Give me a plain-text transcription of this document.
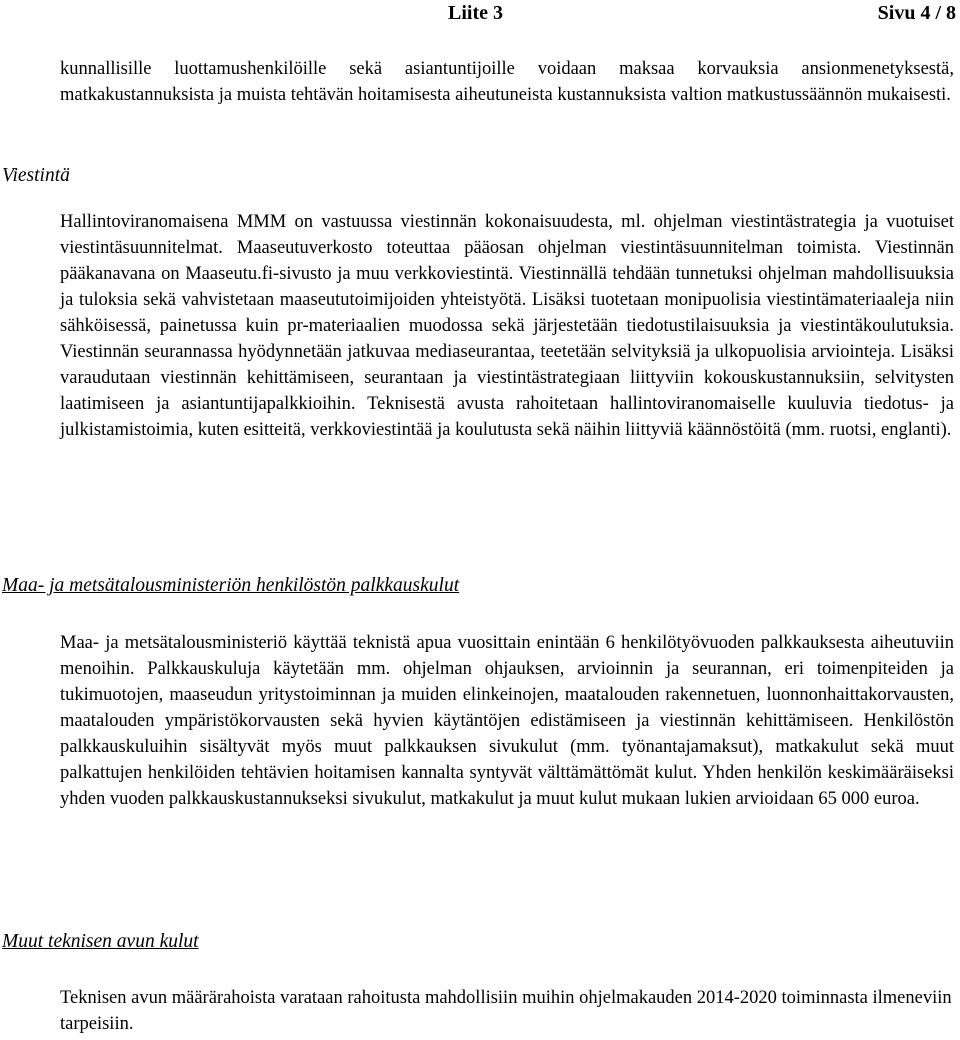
Liite 3	Sivu 4 / 8

kunnallisille luottamushenkilöille sekä asiantuntijoille voidaan maksaa korvauksia ansionmenetyksestä, matkakustannuksista ja muista tehtävän hoitamisesta aiheutuneista kustannuksista valtion matkustussäännön mukaisesti.

Viestintä

Hallintoviranomaisena MMM on vastuussa viestinnän kokonaisuudesta, ml. ohjelman viestintästrategia ja vuotuiset viestintäsuunnitelmat. Maaseutuverkosto toteuttaa pääosan ohjelman viestintäsuunnitelman toimista. Viestinnän pääkanavana on Maaseutu.fi-sivusto ja muu verkkoviestintä. Viestinnällä tehdään tunnetuksi ohjelman mahdollisuuksia ja tuloksia sekä vahvistetaan maaseututoimijoiden yhteistyötä. Lisäksi tuotetaan monipuolisia viestintämateriaaleja niin sähköisessä, painetussa kuin pr-materiaalien muodossa sekä järjestetään tiedotustilaisuuksia ja viestintäkoulutuksia. Viestinnän seurannassa hyödynnetään jatkuvaa mediaseurantaa, teetetään selvityksiä ja ulkopuolisia arviointeja. Lisäksi varaudutaan viestinnän kehittämiseen, seurantaan ja viestintästrategiaan liittyviin kokouskustannuksiin, selvitysten laatimiseen ja asiantuntijapalkkioihin. Teknisestä avusta rahoitetaan hallintoviranomaiselle kuuluvia tiedotus- ja julkistamistoimia, kuten esitteitä, verkkoviestintää ja koulutusta sekä näihin liittyviä käännöstöitä (mm. ruotsi, englanti).

Maa- ja metsätalousministeriön henkilöstön palkkauskulut

Maa- ja metsätalousministeriö käyttää teknistä apua vuosittain enintään 6 henkilötyövuoden palkkauksesta aiheutuviin menoihin. Palkkauskuluja käytetään mm. ohjelman ohjauksen, arvioinnin ja seurannan, eri toimenpiteiden ja tukimuotojen, maaseudun yritystoiminnan ja muiden elinkeinojen, maatalouden rakennetuen, luonnonhaittakorvausten, maatalouden ympäristökorvausten sekä hyvien käytäntöjen edistämiseen ja viestinnän kehittämiseen. Henkilöstön palkkauskuluihin sisältyvät myös muut palkkauksen sivukulut (mm. työnantajamaksut), matkakulut sekä muut palkattujen henkilöiden tehtävien hoitamisen kannalta syntyvät välttämättömät kulut. Yhden henkilön keskimääräiseksi yhden vuoden palkkauskustannukseksi sivukulut, matkakulut ja muut kulut mukaan lukien arvioidaan 65 000 euroa.

Muut teknisen avun kulut

Teknisen avun määrärahoista varataan rahoitusta mahdollisiin muihin ohjelmakauden 2014-2020 toiminnasta ilmeneviin tarpeisiin.
